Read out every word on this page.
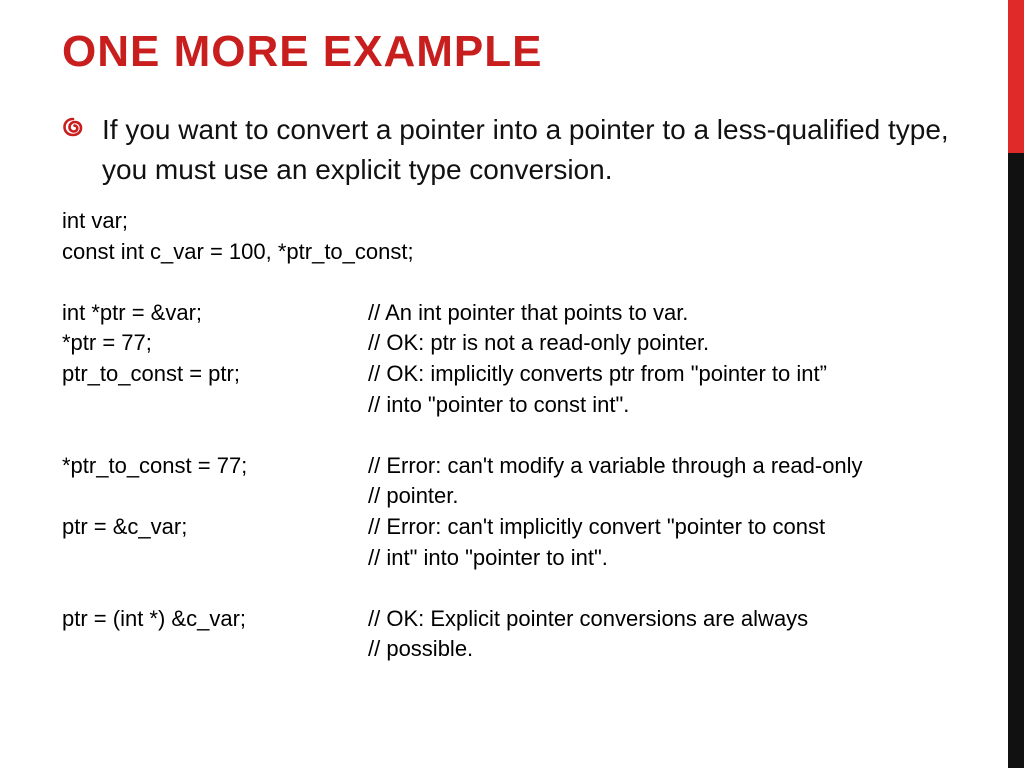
ONE MORE EXAMPLE
If you want to convert a pointer into a pointer to a less-qualified type, you must use an explicit type conversion.
int var;
const int c_var = 100, *ptr_to_const;
int *ptr = &var;	// An int pointer that points to var.
*ptr = 77;	// OK: ptr is not a read-only pointer.
ptr_to_const = ptr;	// OK: implicitly converts ptr from "pointer to int”
// into "pointer to const int".
*ptr_to_const = 77;	// Error: can't modify a variable through a read-only
// pointer.
ptr = &c_var;	// Error: can't implicitly convert "pointer to const
// int" into "pointer to int".
ptr = (int *) &c_var;	// OK: Explicit pointer conversions are always
// possible.
